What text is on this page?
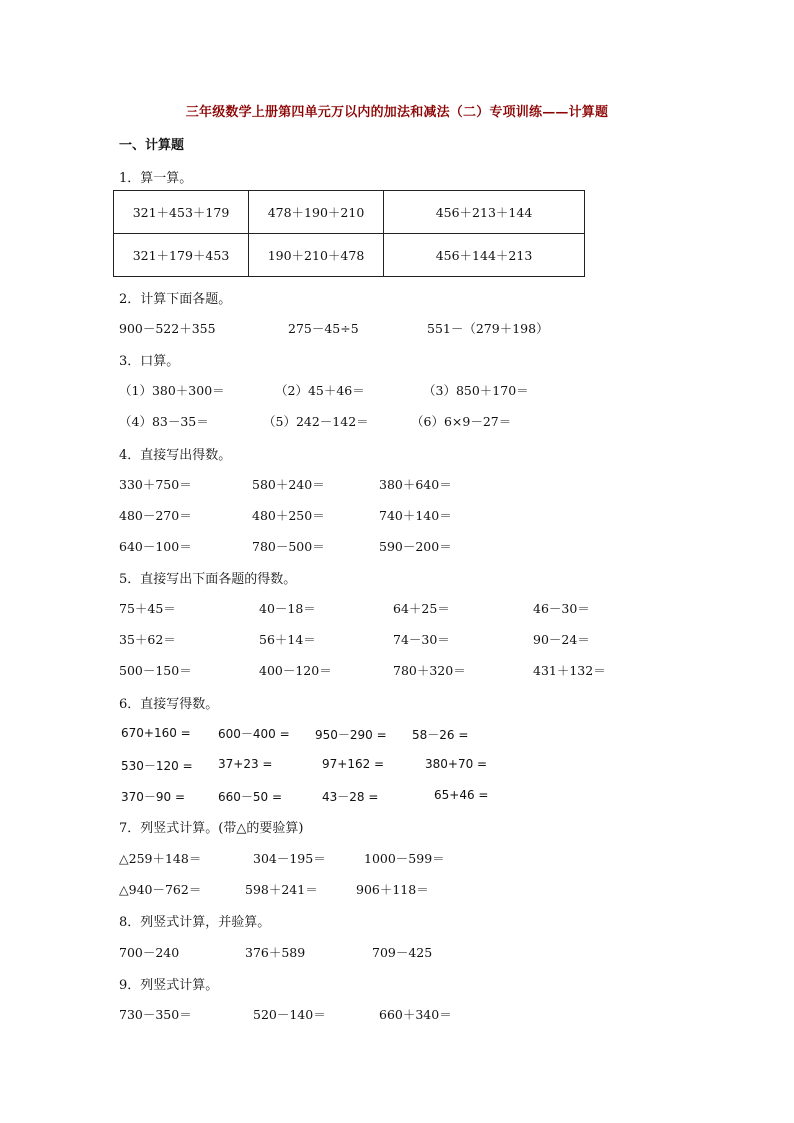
三年级数学上册第四单元万以内的加法和减法（二）专项训练——计算题
一、计算题
1．算一算。
321＋453＋179	478＋190＋210	456＋213＋144
321＋179＋453	190＋210＋478	456＋144＋213
2．计算下面各题。
900－522＋355	275－45÷5	551－（279＋198）
3．口算。
（1）380＋300＝	（2）45＋46＝	（3）850＋170＝
（4）83－35＝	（5）242－142＝	（6）6×9－27＝
4．直接写出得数。
330＋750＝	580＋240＝	380＋640＝
480－270＝	480＋250＝	740＋140＝
640－100＝	780－500＝	590－200＝
5．直接写出下面各题的得数。
75＋45＝	40－18＝	64＋25＝	46－30＝
35＋62＝	56＋14＝	74－30＝	90－24＝
500－150＝	400－120＝	780＋320＝	431＋132＝
6．直接写得数。
670+160 = 600－400 = 950－290 = 58－26 =
530－120 = 37+23 =	97+162 =	380+70 =
370－90 =	660－50 =	43－28 =	65+46 =
7．列竖式计算。(带△的要验算)
△259＋148＝	304－195＝	1000－599＝
△940－762＝	598＋241＝	906＋118＝
8．列竖式计算，并验算。
700－240	376＋589	709－425
9．列竖式计算。
730－350＝	520－140＝	660＋340＝
